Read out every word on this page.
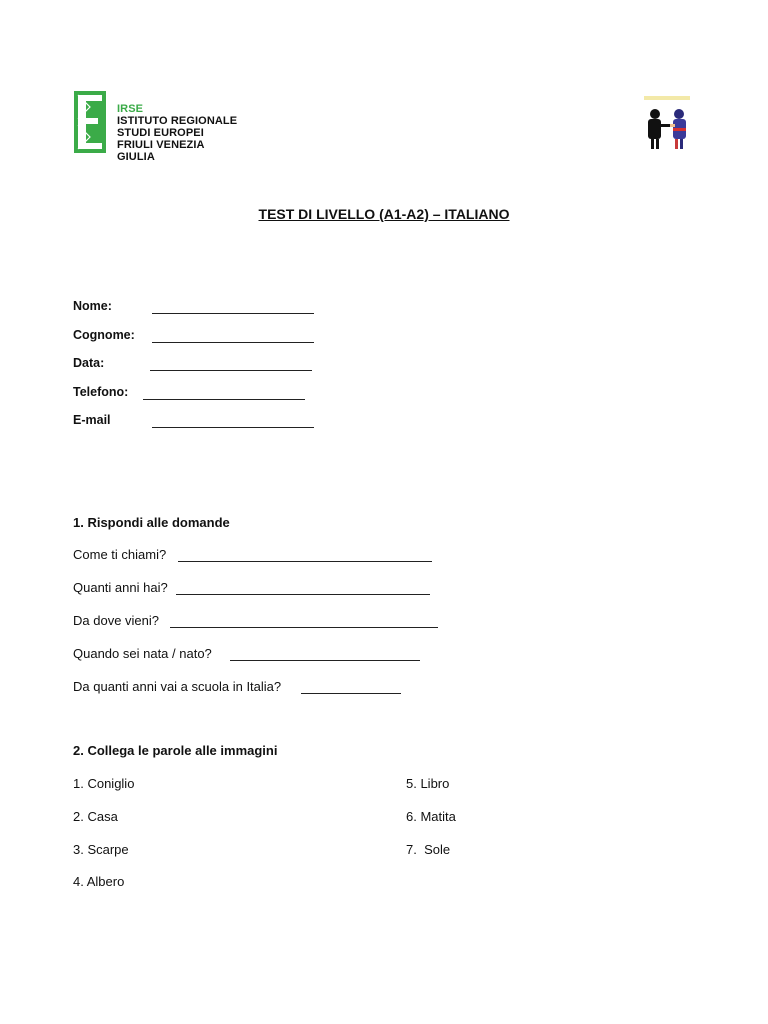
IRSE
ISTITUTO REGIONALE
STUDI EUROPEI
FRIULI VENEZIA GIULIA
TEST DI LIVELLO (A1-A2) – ITALIANO
Nome:
Cognome:
Data:
Telefono:
E-mail
1. Rispondi alle domande
Come ti chiami?
Quanti anni hai?
Da dove vieni?
Quando sei nata / nato?
Da quanti anni vai a scuola in Italia?
2. Collega le parole alle immagini
1. Coniglio
2. Casa
3. Scarpe
4. Albero
5. Libro
6. Matita
7.  Sole
